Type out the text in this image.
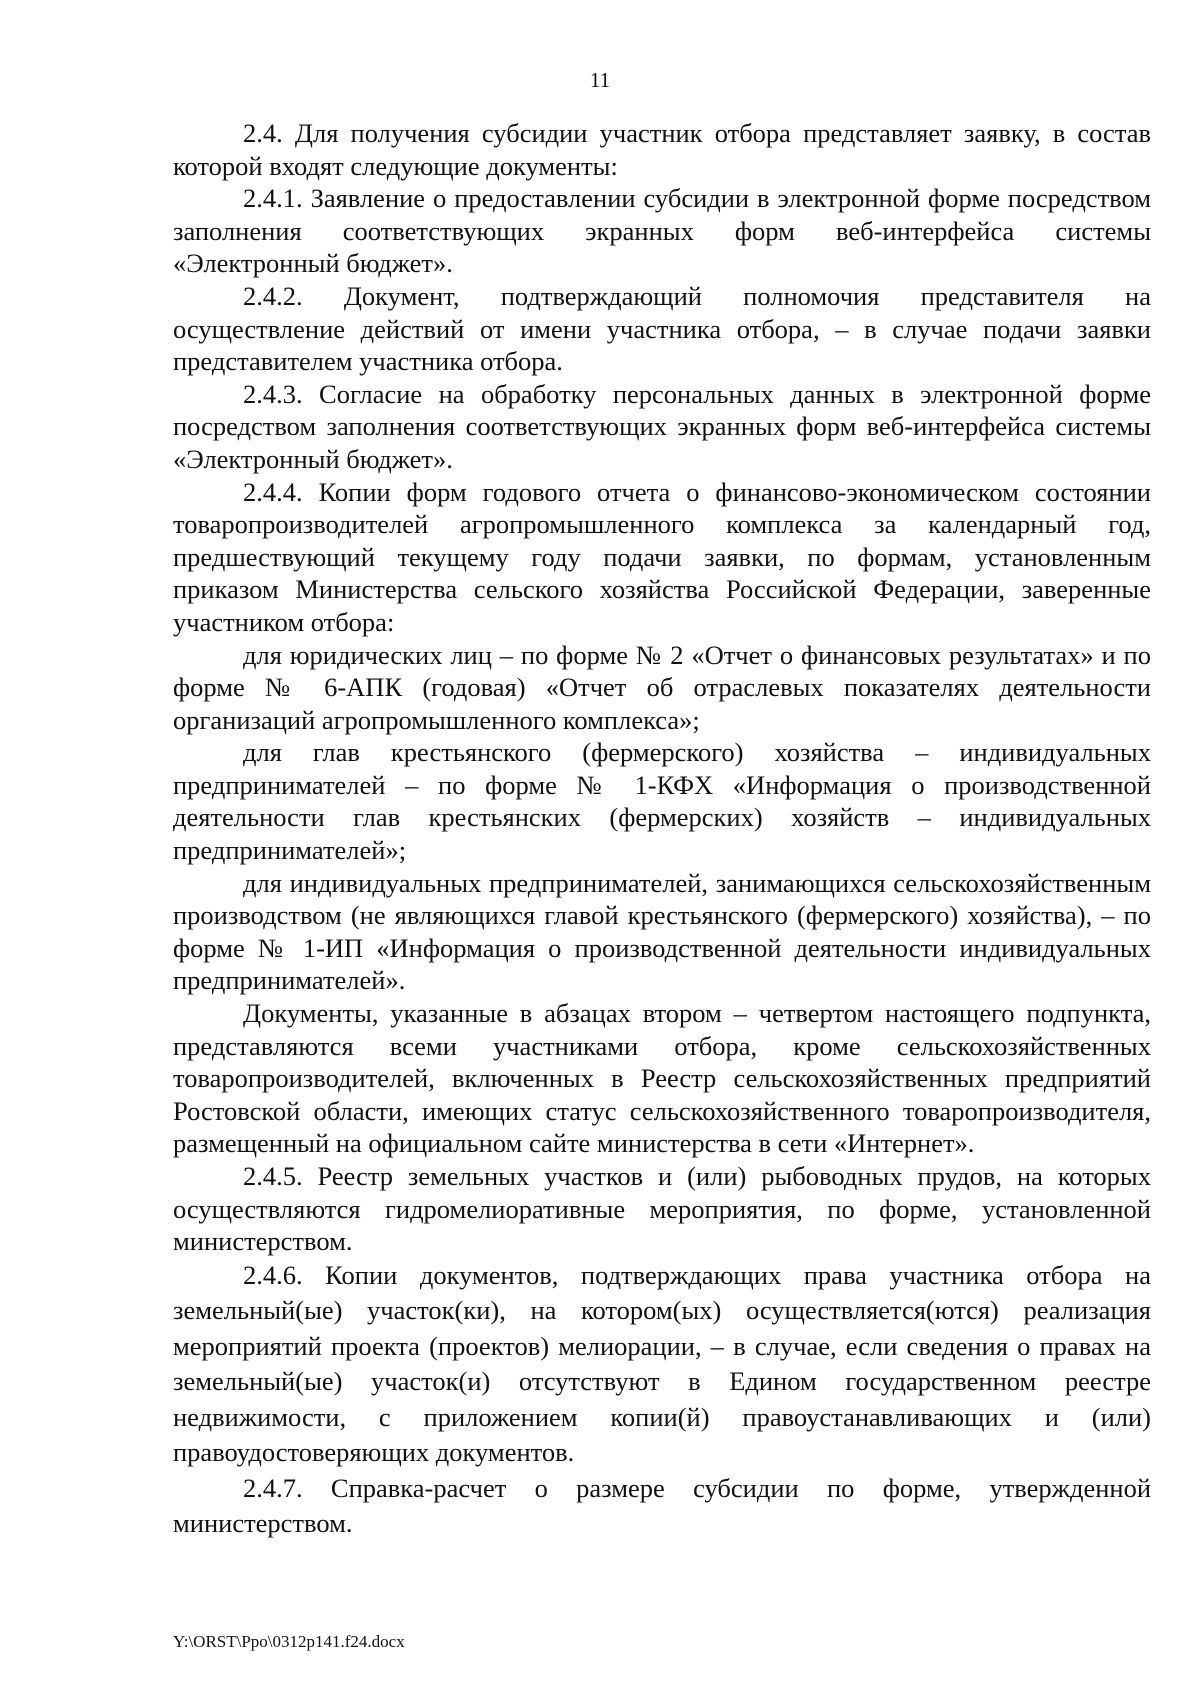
11

2.4. Для получения субсидии участник отбора представляет заявку, в состав которой входят следующие документы:

2.4.1. Заявление о предоставлении субсидии в электронной форме посредством заполнения соответствующих экранных форм веб-интерфейса системы «Электронный бюджет».

2.4.2. Документ, подтверждающий полномочия представителя на осуществление действий от имени участника отбора, – в случае подачи заявки представителем участника отбора.

2.4.3. Согласие на обработку персональных данных в электронной форме посредством заполнения соответствующих экранных форм веб-интерфейса системы «Электронный бюджет».

2.4.4. Копии форм годового отчета о финансово-экономическом состоянии товаропроизводителей агропромышленного комплекса за календарный год, предшествующий текущему году подачи заявки, по формам, установленным приказом Министерства сельского хозяйства Российской Федерации, заверенные участником отбора:

для юридических лиц – по форме № 2 «Отчет о финансовых результатах» и по форме № 6-АПК (годовая) «Отчет об отраслевых показателях деятельности организаций агропромышленного комплекса»;

для глав крестьянского (фермерского) хозяйства – индивидуальных предпринимателей – по форме № 1-КФХ «Информация о производственной деятельности глав крестьянских (фермерских) хозяйств – индивидуальных предпринимателей»;

для индивидуальных предпринимателей, занимающихся сельскохозяйственным производством (не являющихся главой крестьянского (фермерского) хозяйства), – по форме № 1-ИП «Информация о производственной деятельности индивидуальных предпринимателей».

Документы, указанные в абзацах втором – четвертом настоящего подпункта, представляются всеми участниками отбора, кроме сельскохозяйственных товаропроизводителей, включенных в Реестр сельскохозяйственных предприятий Ростовской области, имеющих статус сельскохозяйственного товаропроизводителя, размещенный на официальном сайте министерства в сети «Интернет».

2.4.5. Реестр земельных участков и (или) рыбоводных прудов, на которых осуществляются гидромелиоративные мероприятия, по форме, установленной министерством.

2.4.6. Копии документов, подтверждающих права участника отбора на земельный(ые) участок(ки), на котором(ых) осуществляется(ются) реализация мероприятий проекта (проектов) мелиорации, – в случае, если сведения о правах на земельный(ые) участок(и) отсутствуют в Едином государственном реестре недвижимости, с приложением копии(й) правоустанавливающих и (или) правоудостоверяющих документов.

2.4.7. Справка-расчет о размере субсидии по форме, утвержденной министерством.

Y:\ORST\Ppo\0312p141.f24.docx
